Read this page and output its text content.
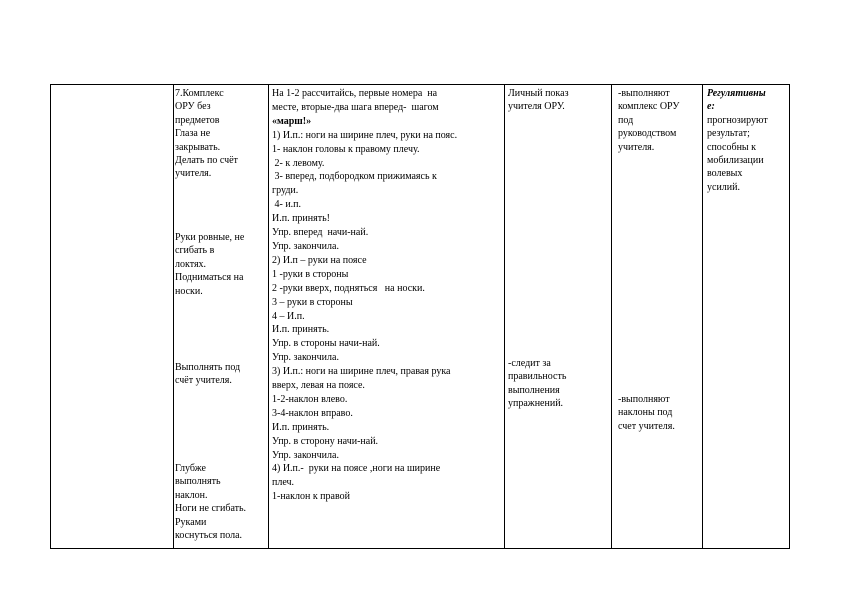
7.Комплекс
ОРУ без
предметов
Глаза не
закрывать.
Делать по счёт
учителя.
Руки ровные, не
сгибать в
локтях.
Подниматься на
носки.
Выполнять под
счёт учителя.
Глубже
выполнять
наклон.
Ноги не сгибать.
Руками
коснуться пола.
На 1-2 рассчитайсь, первые номера  на
месте, вторые-два шага вперед-  шагом
«марш!»
1) И.п.: ноги на ширине плеч, руки на пояс.
1- наклон головы к правому плечу.
2- к левому.
3- вперед, подбородком прижимаясь к
груди.
4- и.п.
И.п. принять!
Упр. вперед  начи-най.
Упр. закончила.
2) И.п – руки на поясе
1 -руки в стороны
2 -руки вверх, подняться   на носки.
3 – руки в стороны
4 – И.п.
И.п. принять.
Упр. в стороны начи-най.
Упр. закончила.
3) И.п.: ноги на ширине плеч, правая рука
вверх, левая на поясе.
1-2-наклон влево.
3-4-наклон вправо.
И.п. принять.
Упр. в сторону начи-най.
Упр. закончила.
4) И.п.-  руки на поясе ,ноги на ширине
плеч.
1-наклон к правой
Личный показ
учителя ОРУ.
-следит за
правильность
выполнения
упражнений.
-выполняют
комплекс ОРУ
под
руководством
учителя.
-выполняют
наклоны под
счет учителя.
Регулятивны
е:
прогнозируют
результат;
способны к
мобилизации
волевых
усилий.
